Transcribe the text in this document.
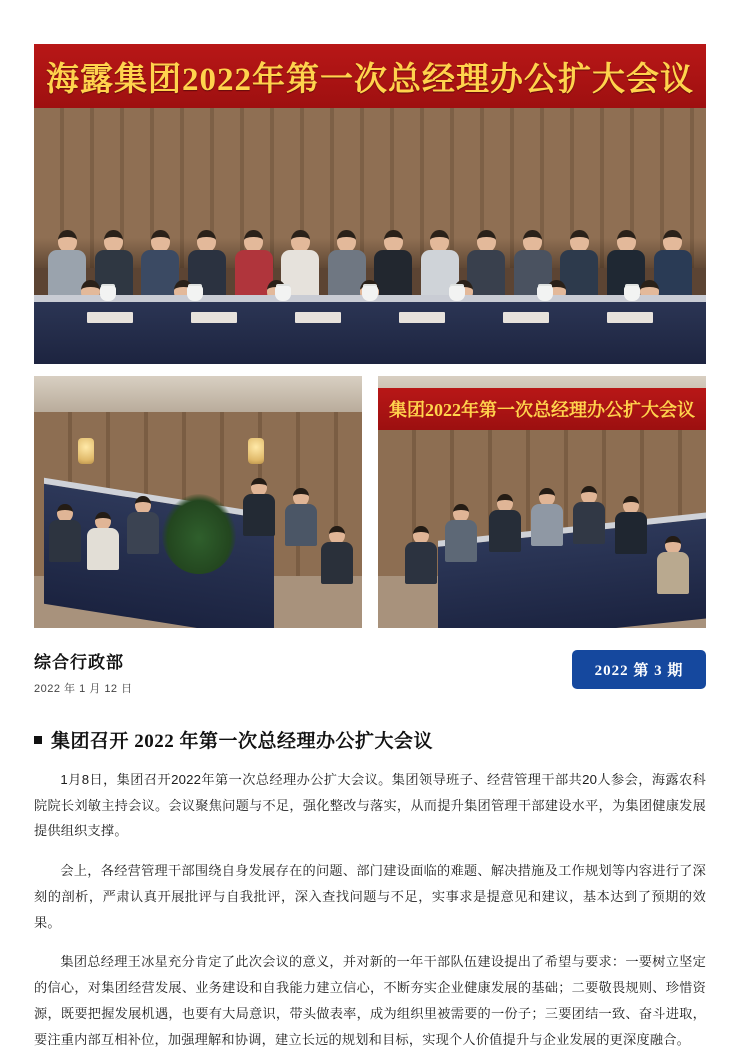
海露集团2022年第一次总经理办公扩大会议
集团2022年第一次总经理办公扩大会议
综合行政部
2022 年 1 月 12 日
2022 第 3 期
集团召开 2022 年第一次总经理办公扩大会议

1月8日，集团召开2022年第一次总经理办公扩大会议。集团领导班子、经营管理干部共20人参会，海露农科院院长刘敏主持会议。会议聚焦问题与不足，强化整改与落实，从而提升集团管理干部建设水平，为集团健康发展提供组织支撑。

会上，各经营管理干部围绕自身发展存在的问题、部门建设面临的难题、解决措施及工作规划等内容进行了深刻的剖析，严肃认真开展批评与自我批评，深入查找问题与不足，实事求是提意见和建议，基本达到了预期的效果。

集团总经理王冰星充分肯定了此次会议的意义，并对新的一年干部队伍建设提出了希望与要求：一要树立坚定的信心，对集团经营发展、业务建设和自我能力建立信心，不断夯实企业健康发展的基础；二要敬畏规则、珍惜资源，既要把握发展机遇，也要有大局意识，带头做表率，成为组织里被需要的一份子；三要团结一致、奋斗进取，要注重内部互相补位，加强理解和协调，建立长远的规划和目标，实现个人价值提升与企业发展的更深度融合。
